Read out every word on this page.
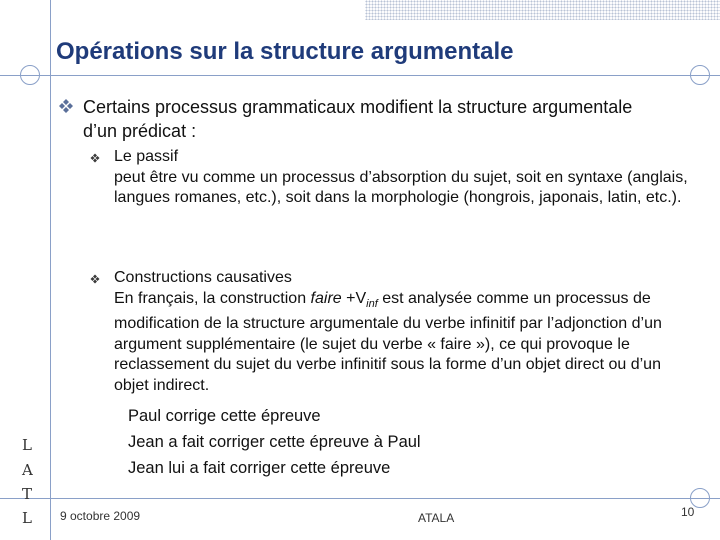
Opérations sur la structure argumentale
Certains processus grammaticaux modifient la structure argumentale d’un prédicat :
Le passif
peut être vu comme un processus d’absorption du sujet, soit en syntaxe (anglais, langues romanes, etc.), soit dans la morphologie (hongrois, japonais, latin, etc.).
Constructions causatives
En français, la construction faire $+V_{inf}$ est analysée comme un processus de modification de la structure argumentale du verbe infinitif par l’adjonction d’un argument supplémentaire (le sujet du verbe « faire »), ce qui provoque le reclassement du sujet du verbe infinitif sous la forme d’un objet direct ou d’un objet indirect.
Paul corrige cette épreuve
Jean a fait corriger cette épreuve à Paul
Jean lui a fait corriger cette épreuve
L
A
T
L 9 octobre 2009	ATALA	10
